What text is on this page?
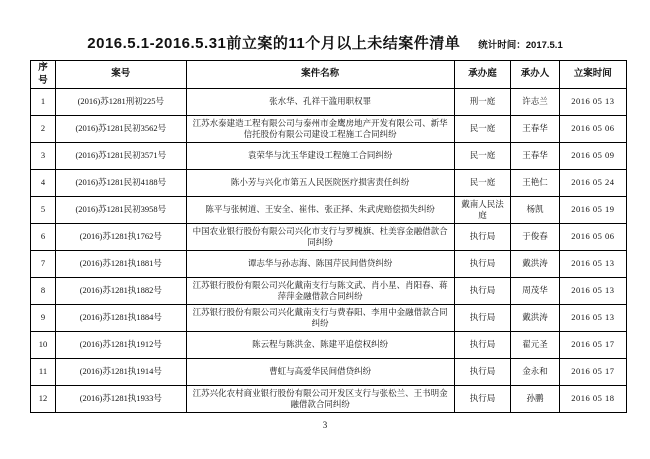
2016.5.1-2016.5.31前立案的11个月以上未结案件清单 统计时间：2017.5.1
序号	案号	案件名称	承办庭	承办人	立案时间
1	(2016)苏1281刑初225号	张水华、孔祥干滥用职权罪	刑一庭	许志兰	2016 05 13
2	(2016)苏1281民初3562号	江苏水泰建造工程有限公司与泰州市金鹰房地产开发有限公司、新华信托股份有限公司建设工程施工合同纠纷	民一庭	王春华	2016 05 06
3	(2016)苏1281民初3571号	袁荣华与沈玉华建设工程施工合同纠纷	民一庭	王春华	2016 05 09
4	(2016)苏1281民初4188号	陈小芳与兴化市第五人民医院医疗损害责任纠纷	民一庭	王艳仁	2016 05 24
5	(2016)苏1281民初3958号	陈平与张树道、王安全、崔伟、张正择、朱武虎赔偿损失纠纷	戴南人民法庭	杨凯	2016 05 19
6	(2016)苏1281执1762号	中国农业银行股份有限公司兴化市支行与罗槐旗、杜美容金融借款合同纠纷	执行局	于俊春	2016 05 06
7	(2016)苏1281执1881号	谭志华与孙志海、陈国芹民间借贷纠纷	执行局	戴洪涛	2016 05 13
8	(2016)苏1281执1882号	江苏银行股份有限公司兴化戴南支行与陈文武、肖小星、肖阳春、蒋萍萍金融借款合同纠纷	执行局	周茂华	2016 05 13
9	(2016)苏1281执1884号	江苏银行股份有限公司兴化戴南支行与费春阳、李用中金融借款合同纠纷	执行局	戴洪涛	2016 05 13
10	(2016)苏1281执1912号	陈云程与陈洪金、陈建平追偿权纠纷	执行局	翟元圣	2016 05 17
11	(2016)苏1281执1914号	曹虹与高爱华民间借贷纠纷	执行局	金永和	2016 05 17
12	(2016)苏1281执1933号	江苏兴化农村商业银行股份有限公司开发区支行与张松兰、王书明金融借款合同纠纷	执行局	孙鹏	2016 05 18
3
